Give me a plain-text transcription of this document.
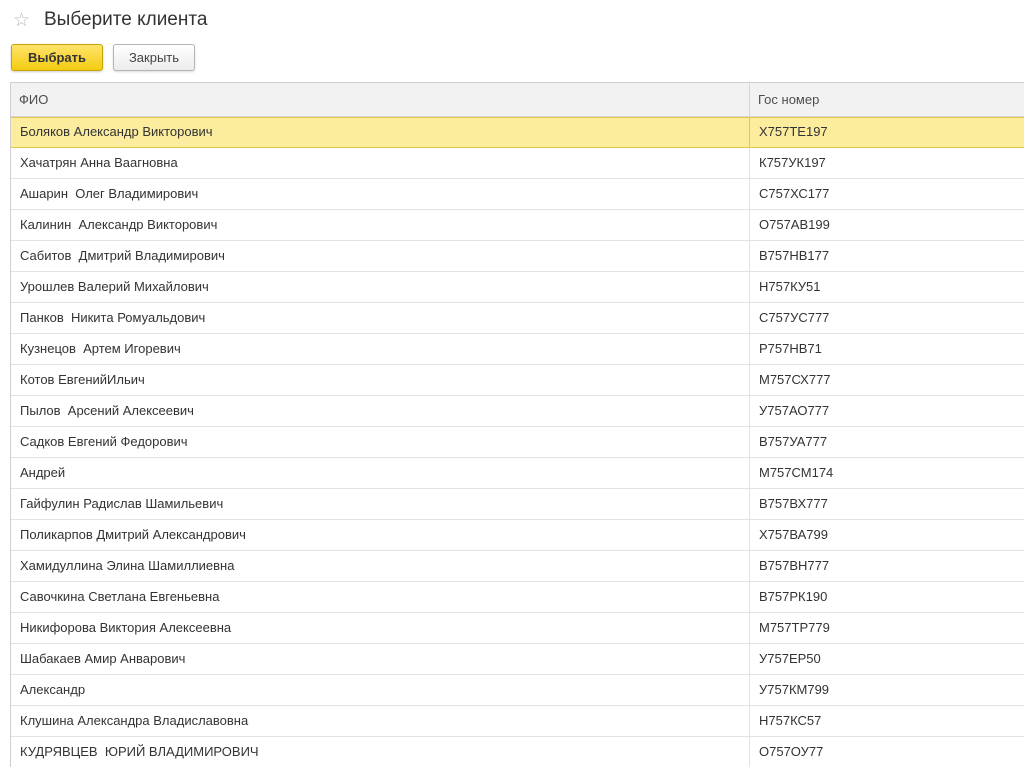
☆ Выберите клиента
Выбрать	Закрыть
ФИО	Гос номер
Боляков Александр Викторович	Х757ТЕ197
Хачатрян Анна Ваагновна	К757УК197
Ашарин  Олег Владимирович	С757ХС177
Калинин  Александр Викторович	О757АВ199
Сабитов  Дмитрий Владимирович	В757НВ177
Урошлев Валерий Михайлович	Н757КУ51
Панков  Никита Ромуальдович	С757УС777
Кузнецов  Артем Игоревич	Р757НВ71
Котов ЕвгенийИльич	М757СХ777
Пылов  Арсений Алексеевич	У757АО777
Садков Евгений Федорович	В757УА777
Андрей	М757СМ174
Гайфулин Радислав Шамильевич	В757ВХ777
Поликарпов Дмитрий Александрович	Х757ВА799
Хамидуллина Элина Шамиллиевна	В757ВН777
Савочкина Светлана Евгеньевна	В757РК190
Никифорова Виктория Алексеевна	М757ТР779
Шабакаев Амир Анварович	У757ЕР50
Александр	У757КМ799
Клушина Александра Владиславовна	Н757КС57
КУДРЯВЦЕВ  ЮРИЙ ВЛАДИМИРОВИЧ	О757ОУ77
